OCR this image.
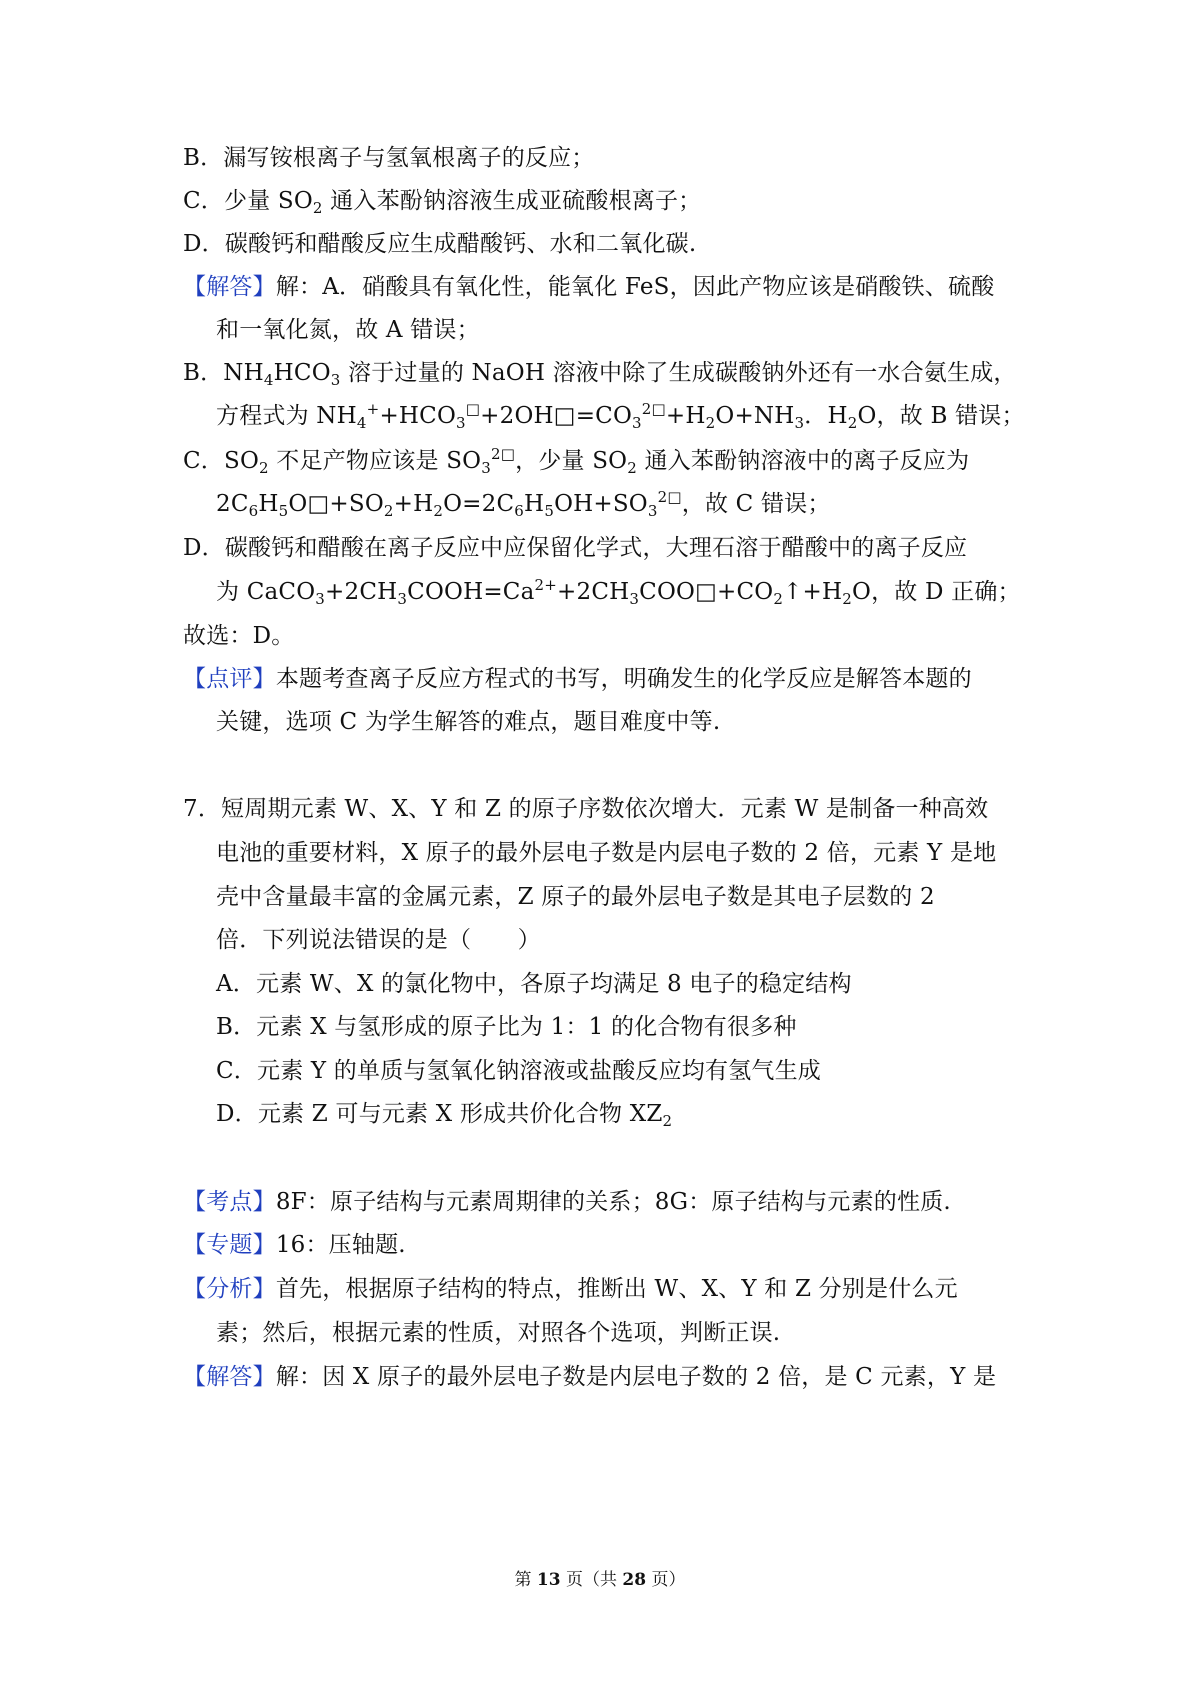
B．漏写铵根离子与氢氧根离子的反应；
C．少量 $SO_2$ 通入苯酚钠溶液生成亚硫酸根离子；
D．碳酸钙和醋酸反应生成醋酸钙、水和二氧化碳.
【解答】解：A．硝酸具有氧化性，能氧化 FeS，因此产物应该是硝酸铁、硫酸
和一氧化氮，故 A 错误；
B．$NH_4HCO_3$ 溶于过量的 NaOH 溶液中除了生成碳酸钠外还有一水合氨生成，
方程式为 $NH_4^++HCO_3^□+2OH□=CO_3^{2□}+H_2O+NH_3$．$H_2O$，故 B 错误；
C．$SO_2$ 不足产物应该是 $SO_3^{2□}$，少量 $SO_2$ 通入苯酚钠溶液中的离子反应为
$2C_6H_5O□+SO_2+H_2O=2C_6H_5OH+SO_3^{2□}$，故 C 错误；
D．碳酸钙和醋酸在离子反应中应保留化学式，大理石溶于醋酸中的离子反应
为 $CaCO_3+2CH_3COOH=Ca^{2+}+2CH_3COO□+CO_2↑+H_2O$，故 D 正确；
故选：D。
【点评】本题考查离子反应方程式的书写，明确发生的化学反应是解答本题的
关键，选项 C 为学生解答的难点，题目难度中等.
7．短周期元素 W、X、Y 和 Z 的原子序数依次增大．元素 W 是制备一种高效
电池的重要材料，X 原子的最外层电子数是内层电子数的 2 倍，元素 Y 是地
壳中含量最丰富的金属元素，Z 原子的最外层电子数是其电子层数的 2
倍．下列说法错误的是（　　）
A．元素 W、X 的氯化物中，各原子均满足 8 电子的稳定结构
B．元素 X 与氢形成的原子比为 1：1 的化合物有很多种
C．元素 Y 的单质与氢氧化钠溶液或盐酸反应均有氢气生成
D．元素 Z 可与元素 X 形成共价化合物 $XZ_2$
【考点】8F：原子结构与元素周期律的关系；8G：原子结构与元素的性质.
【专题】16：压轴题.
【分析】首先，根据原子结构的特点，推断出 W、X、Y 和 Z 分别是什么元
素；然后，根据元素的性质，对照各个选项，判断正误.
【解答】解：因 X 原子的最外层电子数是内层电子数的 2 倍，是 C 元素，Y 是
第 13 页（共 28 页）
